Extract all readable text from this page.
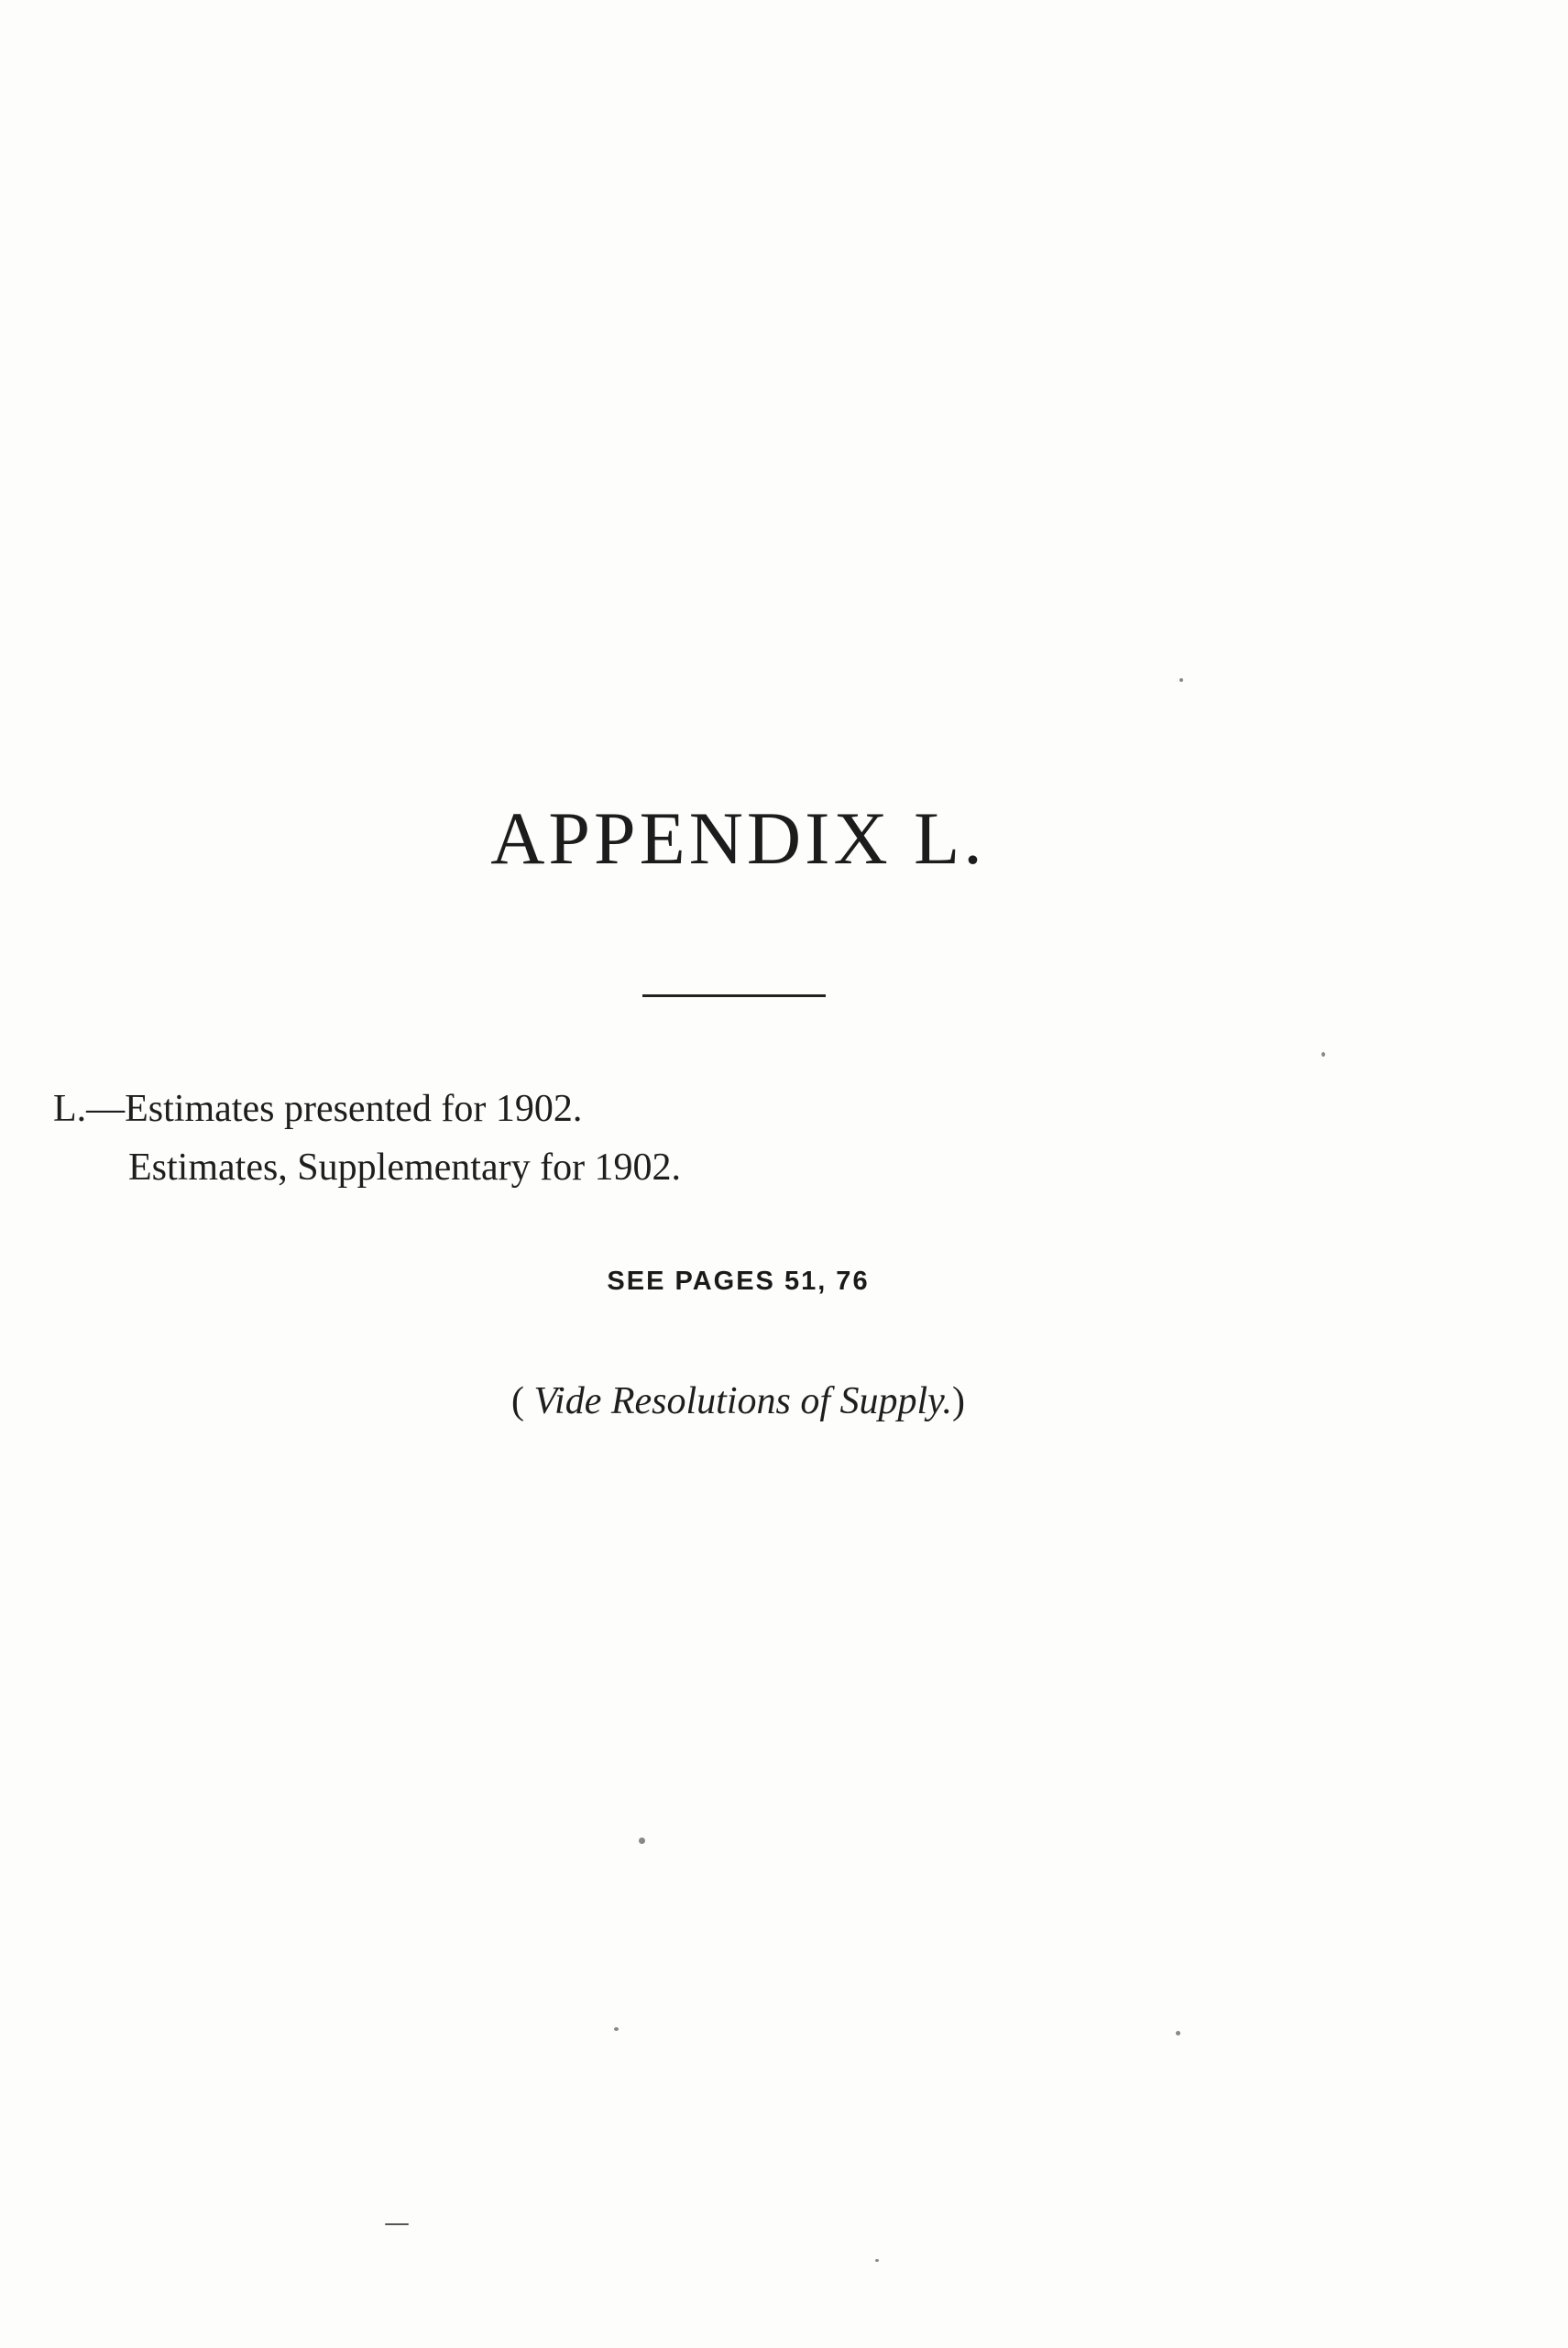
APPENDIX L.
L.—Estimates presented for 1902.
Estimates, Supplementary for 1902.
SEE PAGES 51, 76
( Vide Resolutions of Supply.)
